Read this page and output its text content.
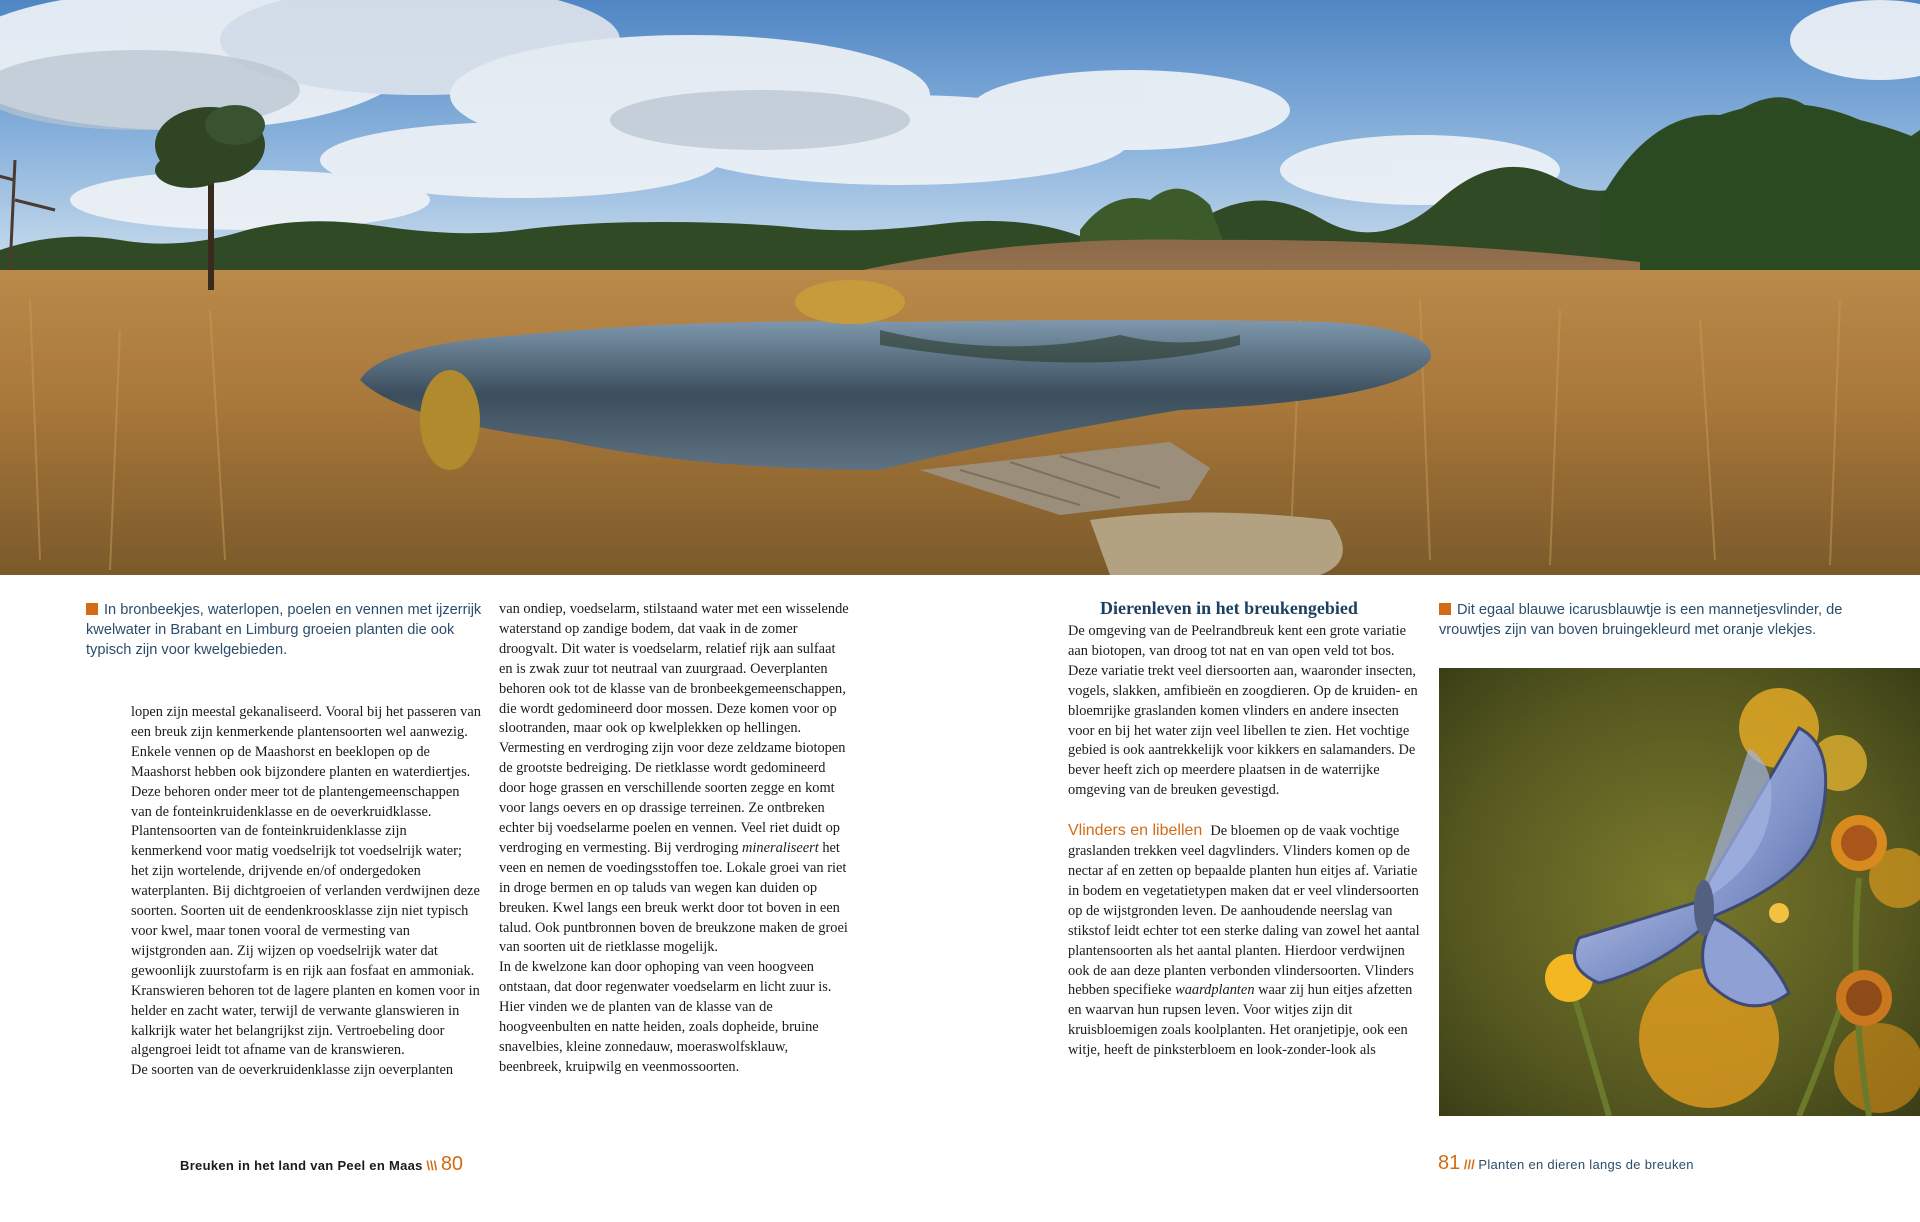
In bronbeekjes, waterlopen, poelen en vennen met ijzerrijk kwelwater in Brabant en Limburg groeien planten die ook typisch zijn voor kwelgebieden.

lopen zijn meestal gekanaliseerd. Vooral bij het passeren van een breuk zijn kenmerkende plantensoorten wel aanwezig. Enkele vennen op de Maashorst en beeklopen op de Maashorst hebben ook bijzondere planten en waterdiertjes. Deze behoren onder meer tot de plantengemeenschappen van de fonteinkruidenklasse en de oeverkruidklasse. Plantensoorten van de fonteinkruidenklasse zijn kenmerkend voor matig voedselrijk tot voedselrijk water; het zijn wortelende, drijvende en/of ondergedoken waterplanten. Bij dichtgroeien of verlanden verdwijnen deze soorten. Soorten uit de eendenkroosklasse zijn niet typisch voor kwel, maar tonen vooral de vermesting van wijstgronden aan. Zij wijzen op voedselrijk water dat gewoonlijk zuurstofarm is en rijk aan fosfaat en ammoniak. Kranswieren behoren tot de lagere planten en komen voor in helder en zacht water, terwijl de verwante glanswieren in kalkrijk water het belangrijkst zijn. Vertroebeling door algengroei leidt tot afname van de kranswieren.

De soorten van de oeverkruidenklasse zijn oeverplanten

van ondiep, voedselarm, stilstaand water met een wisselende waterstand op zandige bodem, dat vaak in de zomer droogvalt. Dit water is voedselarm, relatief rijk aan sulfaat en is zwak zuur tot neutraal van zuurgraad. Oeverplanten behoren ook tot de klasse van de bronbeekgemeenschappen, die wordt gedomineerd door mossen. Deze komen voor op slootranden, maar ook op kwelplekken op hellingen. Vermesting en verdroging zijn voor deze zeldzame biotopen de grootste bedreiging. De rietklasse wordt gedomineerd door hoge grassen en verschillende soorten zegge en komt voor langs oevers en op drassige terreinen. Ze ontbreken echter bij voedselarme poelen en vennen. Veel riet duidt op verdroging en vermesting. Bij verdroging mineraliseert het veen en nemen de voedingsstoffen toe. Lokale groei van riet in droge bermen en op taluds van wegen kan duiden op breuken. Kwel langs een breuk werkt door tot boven in een talud. Ook puntbronnen boven de breukzone maken de groei van soorten uit de rietklasse mogelijk.

In de kwelzone kan door ophoping van veen hoogveen ontstaan, dat door regenwater voedselarm en licht zuur is. Hier vinden we de planten van de klasse van de hoogveenbulten en natte heiden, zoals dopheide, bruine snavelbies, kleine zonnedauw, moeraswolfsklauw, beenbreek, kruipwilg en veenmossoorten.

Breuken in het land van Peel en Maas \\\ 80
Dierenleven in het breukengebied

De omgeving van de Peelrandbreuk kent een grote variatie aan biotopen, van droog tot nat en van open veld tot bos. Deze variatie trekt veel diersoorten aan, waaronder insecten, vogels, slakken, amfibieën en zoogdieren. Op de kruiden- en bloemrijke graslanden komen vlinders en andere insecten voor en bij het water zijn veel libellen te zien. Het vochtige gebied is ook aantrekkelijk voor kikkers en salamanders. De bever heeft zich op meerdere plaatsen in de waterrijke omgeving van de breuken gevestigd.

Vlinders en libellen De bloemen op de vaak vochtige graslanden trekken veel dagvlinders. Vlinders komen op de nectar af en zetten op bepaalde planten hun eitjes af. Variatie in bodem en vegetatietypen maken dat er veel vlindersoorten op de wijstgronden leven. De aanhoudende neerslag van stikstof leidt echter tot een sterke daling van zowel het aantal plantensoorten als het aantal planten. Hierdoor verdwijnen ook de aan deze planten verbonden vlindersoorten. Vlinders hebben specifieke waardplanten waar zij hun eitjes afzetten en waarvan hun rupsen leven. Voor witjes zijn dit kruisbloemigen zoals koolplanten. Het oranjetipje, ook een witje, heeft de pinksterbloem en look-zonder-look als

Dit egaal blauwe icarusblauwtje is een mannetjesvlinder, de vrouwtjes zijn van boven bruingekleurd met oranje vlekjes.
81 /// Planten en dieren langs de breuken
